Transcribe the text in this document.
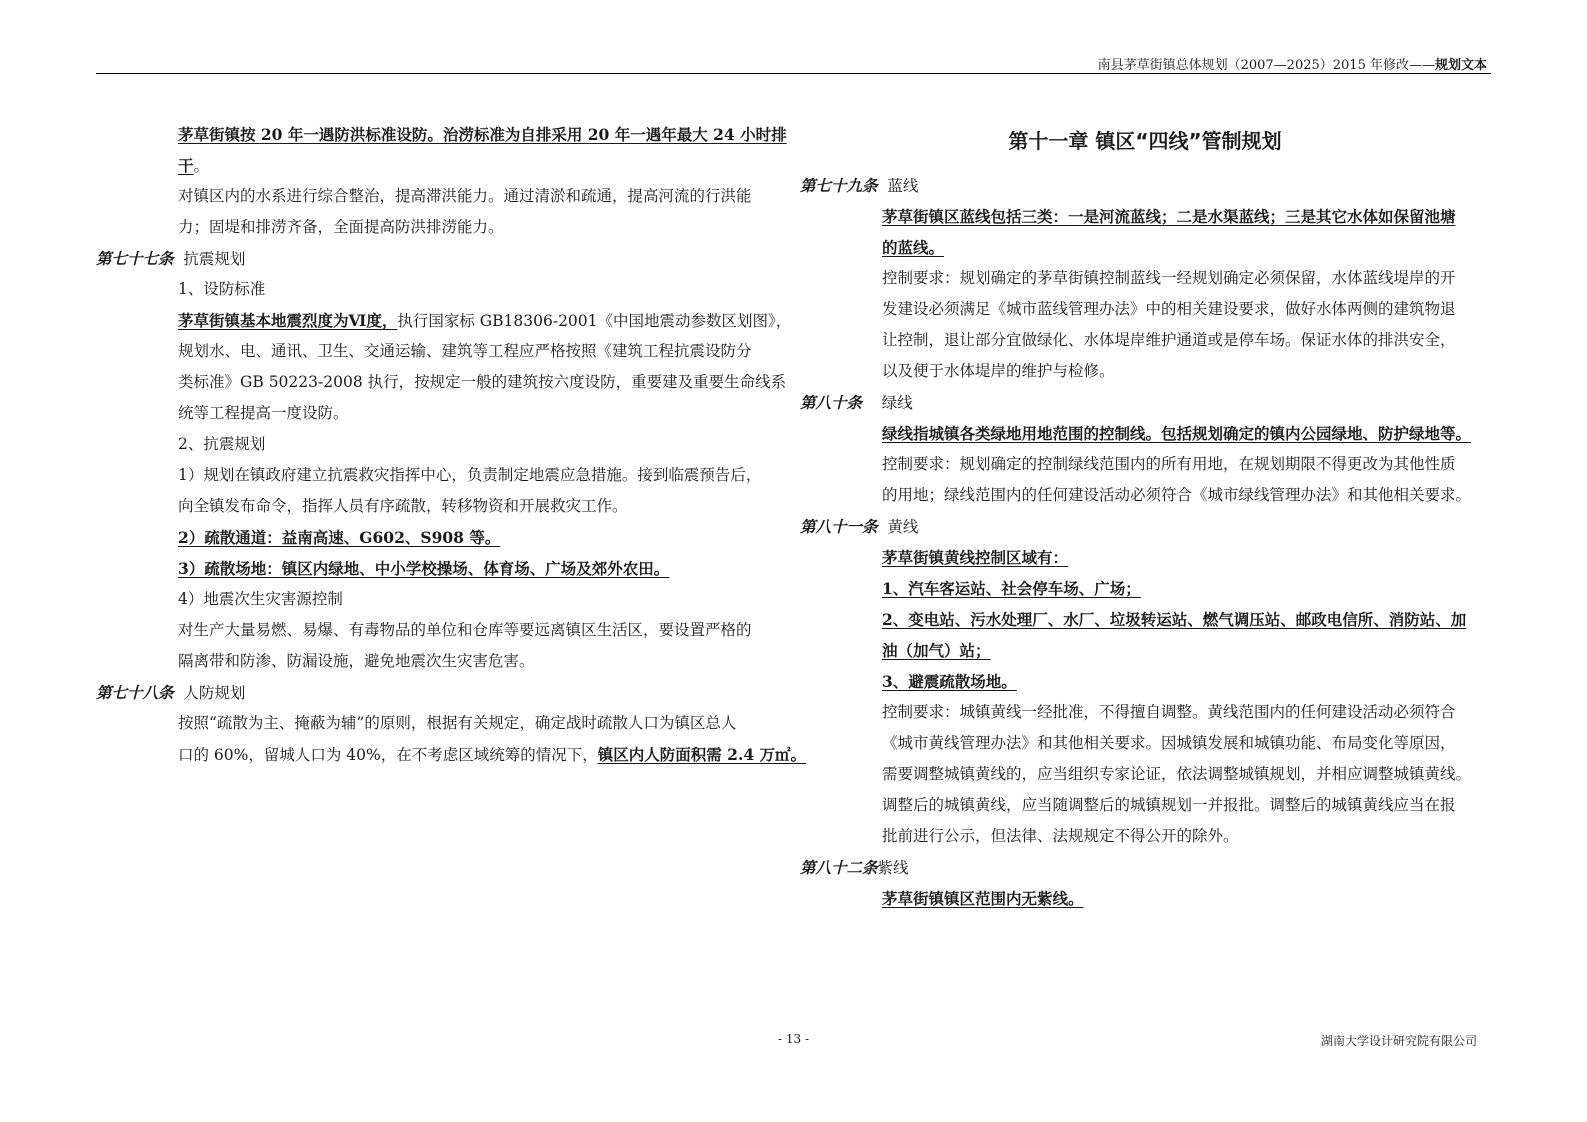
南县茅草街镇总体规划（2007—2025）2015 年修改——规划文本
茅草街镇按 20 年一遇防洪标准设防。治涝标准为自排采用 20 年一遇年最大 24 小时排
干。
对镇区内的水系进行综合整治，提高滞洪能力。通过清淤和疏通，提高河流的行洪能
力；固堤和排涝齐备，全面提高防洪排涝能力。
第七十七条 抗震规划
1、设防标准
茅草街镇基本地震烈度为Ⅵ度，执行国家标 GB18306-2001《中国地震动参数区划图》，
规划水、电、通讯、卫生、交通运输、建筑等工程应严格按照《建筑工程抗震设防分
类标准》GB 50223-2008 执行，按规定一般的建筑按六度设防，重要建及重要生命线系
统等工程提高一度设防。
2、抗震规划
1）规划在镇政府建立抗震救灾指挥中心，负责制定地震应急措施。接到临震预告后，
向全镇发布命令，指挥人员有序疏散，转移物资和开展救灾工作。
2）疏散通道：益南高速、G602、S908 等。
3）疏散场地：镇区内绿地、中小学校操场、体育场、广场及郊外农田。
4）地震次生灾害源控制
对生产大量易燃、易爆、有毒物品的单位和仓库等要远离镇区生活区，要设置严格的
隔离带和防渗、防漏设施，避免地震次生灾害危害。
第七十八条 人防规划
按照“疏散为主、掩蔽为辅”的原则，根据有关规定，确定战时疏散人口为镇区总人
口的 60%，留城人口为 40%，在不考虑区域统筹的情况下，镇区内人防面积需 2.4 万㎡。
第十一章 镇区“四线”管制规划
第七十九条 蓝线
茅草街镇区蓝线包括三类：一是河流蓝线；二是水渠蓝线；三是其它水体如保留池塘
的蓝线。
控制要求：规划确定的茅草街镇控制蓝线一经规划确定必须保留，水体蓝线堤岸的开
发建设必须满足《城市蓝线管理办法》中的相关建设要求，做好水体两侧的建筑物退
让控制，退让部分宜做绿化、水体堤岸维护通道或是停车场。保证水体的排洪安全，
以及便于水体堤岸的维护与检修。
第八十条 绿线
绿线指城镇各类绿地用地范围的控制线。包括规划确定的镇内公园绿地、防护绿地等。
控制要求：规划确定的控制绿线范围内的所有用地，在规划期限不得更改为其他性质
的用地；绿线范围内的任何建设活动必须符合《城市绿线管理办法》和其他相关要求。
第八十一条 黄线
茅草街镇黄线控制区域有：
1、汽车客运站、社会停车场、广场；
2、变电站、污水处理厂、水厂、垃圾转运站、燃气调压站、邮政电信所、消防站、加
油（加气）站；
3、避震疏散场地。
控制要求：城镇黄线一经批准，不得擅自调整。黄线范围内的任何建设活动必须符合
《城市黄线管理办法》和其他相关要求。因城镇发展和城镇功能、布局变化等原因，
需要调整城镇黄线的，应当组织专家论证，依法调整城镇规划，并相应调整城镇黄线。
调整后的城镇黄线，应当随调整后的城镇规划一并报批。调整后的城镇黄线应当在报
批前进行公示，但法律、法规规定不得公开的除外。
第八十二条紫线
茅草街镇镇区范围内无紫线。
- 13 -	湖南大学设计研究院有限公司
